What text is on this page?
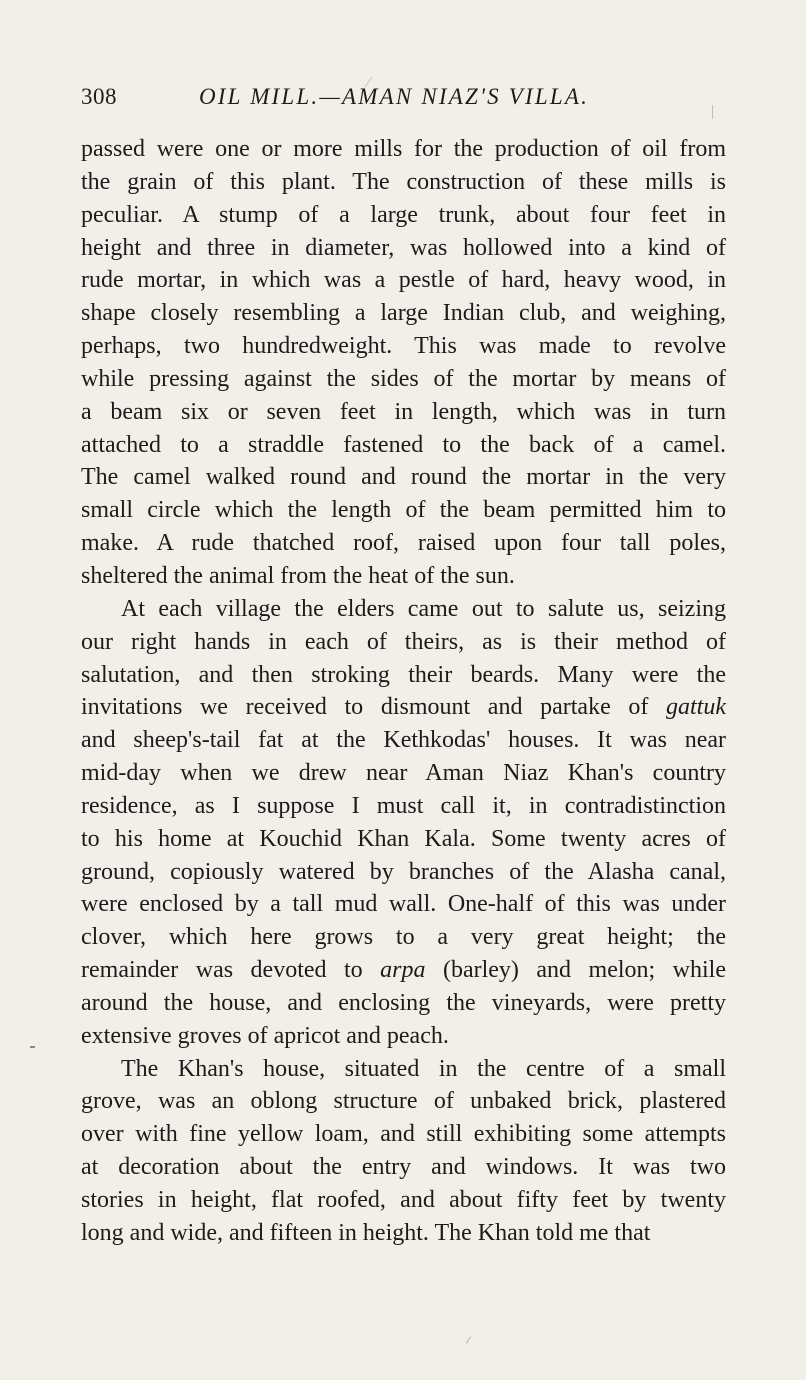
308	OIL MILL.—AMAN NIAZ'S VILLA.
passed were one or more mills for the production of oil from
the grain of this plant. The construction of these mills is
peculiar. A stump of a large trunk, about four feet in
height and three in diameter, was hollowed into a kind of
rude mortar, in which was a pestle of hard, heavy wood, in
shape closely resembling a large Indian club, and weighing,
perhaps, two hundredweight. This was made to revolve
while pressing against the sides of the mortar by means of
a beam six or seven feet in length, which was in turn
attached to a straddle fastened to the back of a camel.
The camel walked round and round the mortar in the very
small circle which the length of the beam permitted him to
make. A rude thatched roof, raised upon four tall poles,
sheltered the animal from the heat of the sun.
At each village the elders came out to salute us, seizing
our right hands in each of theirs, as is their method of
salutation, and then stroking their beards. Many were the
invitations we received to dismount and partake of gattuk
and sheep's-tail fat at the Kethkodas' houses. It was near
mid-day when we drew near Aman Niaz Khan's country
residence, as I suppose I must call it, in contradistinction
to his home at Kouchid Khan Kala. Some twenty acres of
ground, copiously watered by branches of the Alasha canal,
were enclosed by a tall mud wall. One-half of this was under
clover, which here grows to a very great height; the
remainder was devoted to arpa (barley) and melon; while
around the house, and enclosing the vineyards, were pretty
extensive groves of apricot and peach.
The Khan's house, situated in the centre of a small
grove, was an oblong structure of unbaked brick, plastered
over with fine yellow loam, and still exhibiting some attempts
at decoration about the entry and windows. It was two
stories in height, flat roofed, and about fifty feet by twenty
long and wide, and fifteen in height. The Khan told me that
